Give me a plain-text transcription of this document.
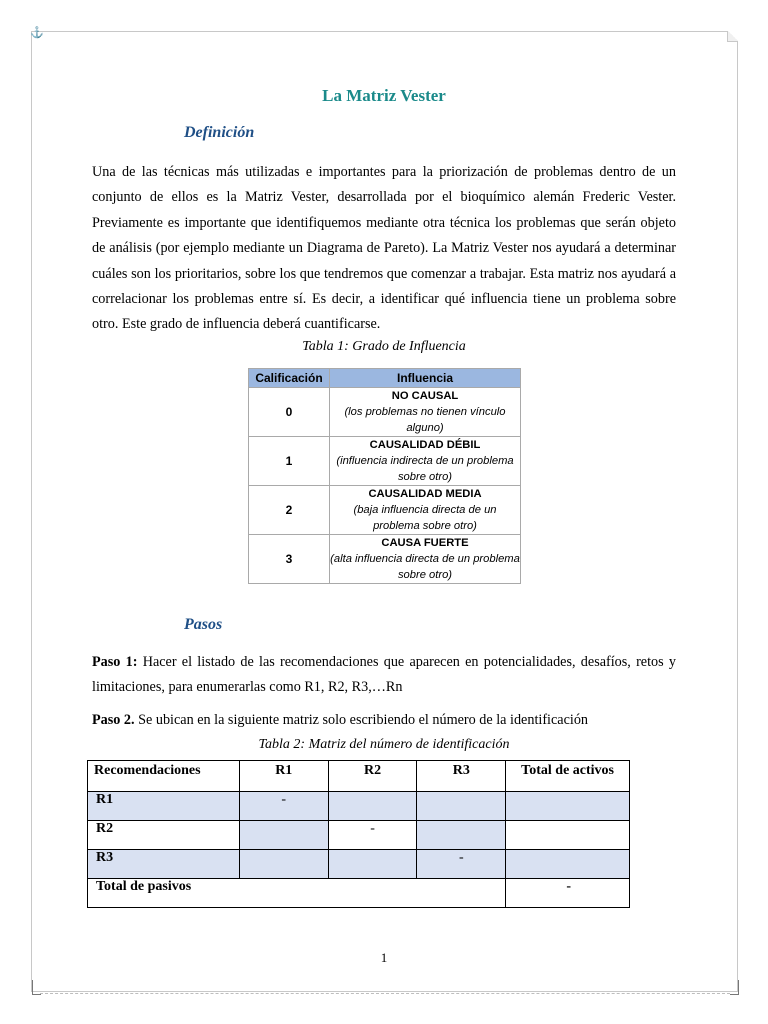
⚓
La Matriz Vester
Definición

Una de las técnicas más utilizadas e importantes para la priorización de problemas dentro de un conjunto de ellos es la Matriz Vester, desarrollada por el bioquímico alemán Frederic Vester. Previamente es importante que identifiquemos mediante otra técnica los problemas que serán objeto de análisis (por ejemplo mediante un Diagrama de Pareto). La Matriz Vester nos ayudará a determinar cuáles son los prioritarios, sobre los que tendremos que comenzar a trabajar. Esta matriz nos ayudará a correlacionar los problemas entre sí. Es decir, a identificar qué influencia tiene un problema sobre otro. Este grado de influencia deberá cuantificarse.

Tabla 1: Grado de Influencia
Calificación	Influencia
0	NO CAUSAL
(los problemas no tienen vínculo alguno)

1	CAUSALIDAD DÉBIL
(influencia indirecta de un problema sobre otro)

2	CAUSALIDAD MEDIA
(baja influencia directa de un problema sobre otro)

3	CAUSA FUERTE
(alta influencia directa de un problema sobre otro)
Pasos

Paso 1: Hacer el listado de las recomendaciones que aparecen en potencialidades, desafíos, retos y limitaciones, para enumerarlas como R1, R2, R3,…Rn

Paso 2. Se ubican en la siguiente matriz solo escribiendo el número de la identificación

Tabla 2: Matriz del número de identificación
Recomendaciones	R1	R2	R3	Total de activos
R1	-			
R2		-		
R3			-	
Total de pasivos				-
1
